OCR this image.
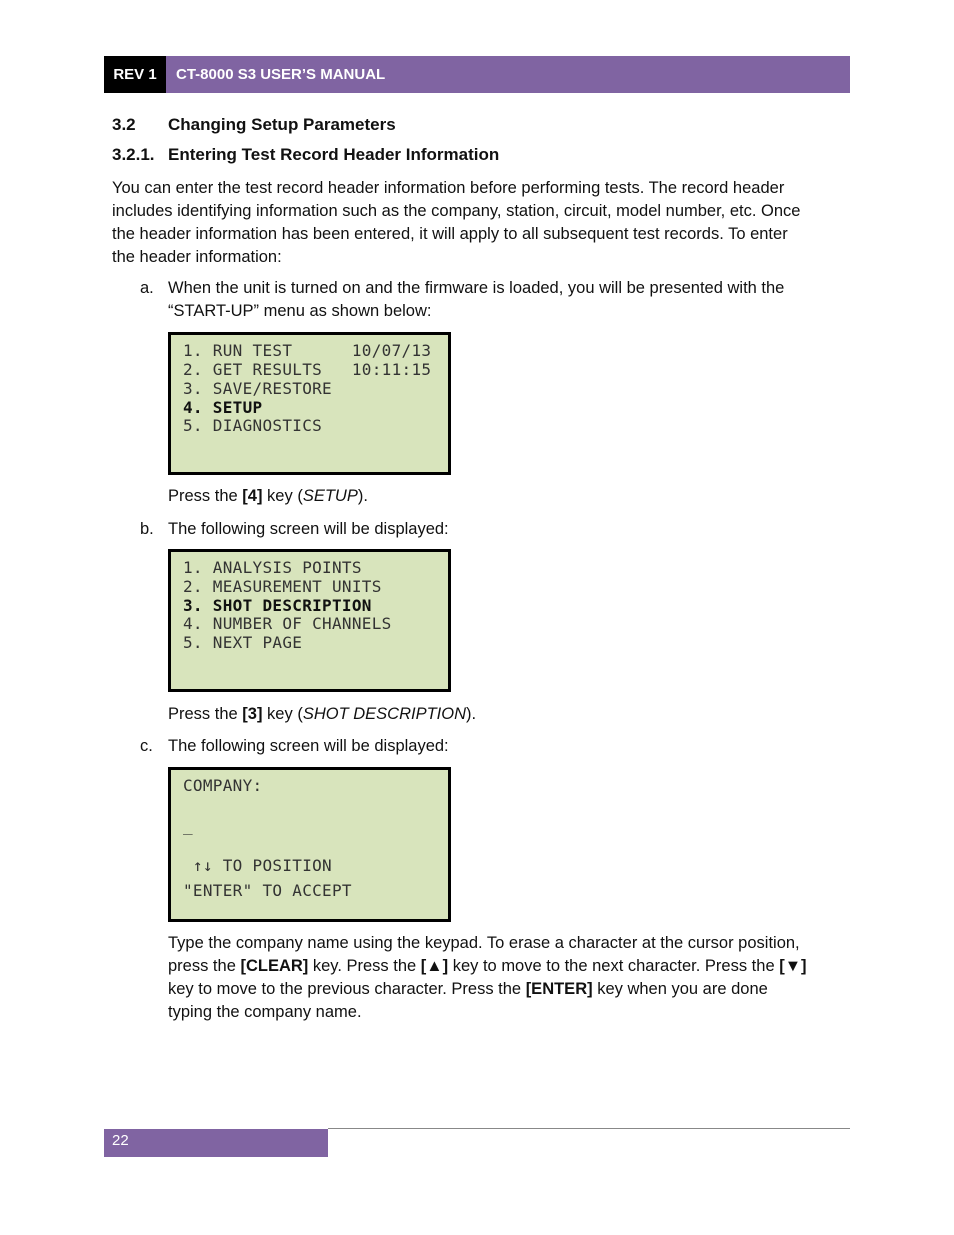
REV 1	CT-8000 S3 USER’S MANUAL
3.2 Changing Setup Parameters
3.2.1. Entering Test Record Header Information
You can enter the test record header information before performing tests. The record header
includes identifying information such as the company, station, circuit, model number, etc. Once
the header information has been entered, it will apply to all subsequent test records. To enter
the header information:
a. When the unit is turned on and the firmware is loaded, you will be presented with the
“START-UP” menu as shown below:
1. RUN TEST      10/07/13
2. GET RESULTS   10:11:15
3. SAVE/RESTORE
4. SETUP
5. DIAGNOSTICS
Press the [4] key (SETUP).
b. The following screen will be displayed:
1. ANALYSIS POINTS
2. MEASUREMENT UNITS
3. SHOT DESCRIPTION
4. NUMBER OF CHANNELS
5. NEXT PAGE
Press the [3] key (SHOT DESCRIPTION).
c. The following screen will be displayed:
COMPANY:
_
↑↓ TO POSITION
"ENTER" TO ACCEPT
Type the company name using the keypad. To erase a character at the cursor position,
press the [CLEAR] key. Press the [▲] key to move to the next character. Press the [▼]
key to move to the previous character. Press the [ENTER] key when you are done
typing the company name.
22
